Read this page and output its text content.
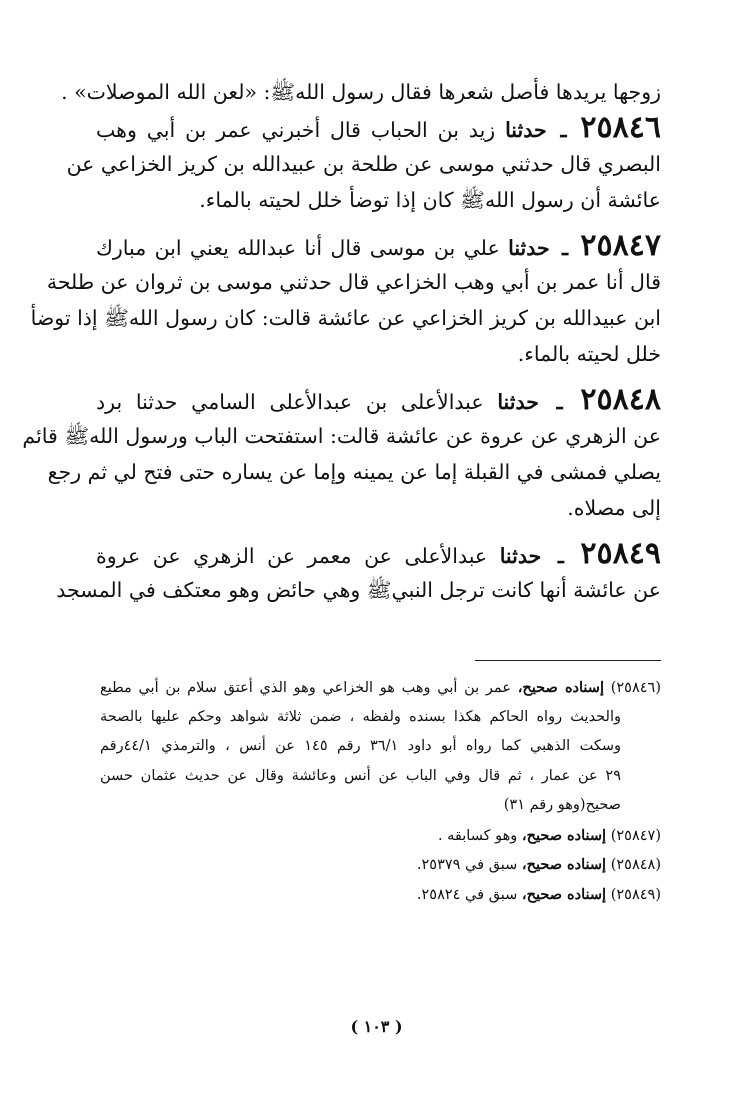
زوجها يريدها فأصل شعرها فقال رسول اللهﷺ: «لعن الله الموصلات» .
٢٥٨٤٦ ـ حدثنا زيد بن الحباب قال أخبرني عمر بن أبي وهب
البصري قال حدثني موسى عن طلحة بن عبيدالله بن كريز الخزاعي عن
عائشة أن رسول اللهﷺ كان إذا توضأ خلل لحيته بالماء.
٢٥٨٤٧ ـ حدثنا علي بن موسى قال أنا عبدالله يعني ابن مبارك
قال أنا عمر بن أبي وهب الخزاعي قال حدثني موسى بن ثروان عن طلحة
ابن عبيدالله بن كريز الخزاعي عن عائشة قالت: كان رسول اللهﷺ إذا توضأ
خلل لحيته بالماء.
٢٥٨٤٨ ـ حدثنا عبدالأعلى بن عبدالأعلى السامي حدثنا برد
عن الزهري عن عروة عن عائشة قالت: استفتحت الباب ورسول اللهﷺ قائم
يصلي فمشى في القبلة إما عن يمينه وإما عن يساره حتى فتح لي ثم رجع
إلى مصلاه.
٢٥٨٤٩ ـ حدثنا عبدالأعلى عن معمر عن الزهري عن عروة
عن عائشة أنها كانت ترجل النبيﷺ وهي حائض وهو معتكف في المسجد
(٢٥٨٤٦) إسناده صحيح، عمر بن أبي وهب هو الخزاعي وهو الذي أعتق سلام بن أبي مطيع
والحديث رواه الحاكم هكذا بسنده ولفظه ، ضمن ثلاثة شواهد وحكم عليها بالصحة
وسكت الذهبي كما رواه أبو داود ٣٦/١ رقم ١٤٥ عن أنس ، والترمذي ٤٤/١رقم
٢٩ عن عمار ، ثم قال وفي الباب عن أنس وعائشة وقال عن حديث عثمان حسن
صحيح(وهو رقم ٣١)
(٢٥٨٤٧) إسناده صحيح، وهو كسابقه .
(٢٥٨٤٨) إسناده صحيح، سبق في ٢٥٣٧٩.
(٢٥٨٤٩) إسناده صحيح، سبق في ٢٥٨٢٤.
( ١٠٣ )
